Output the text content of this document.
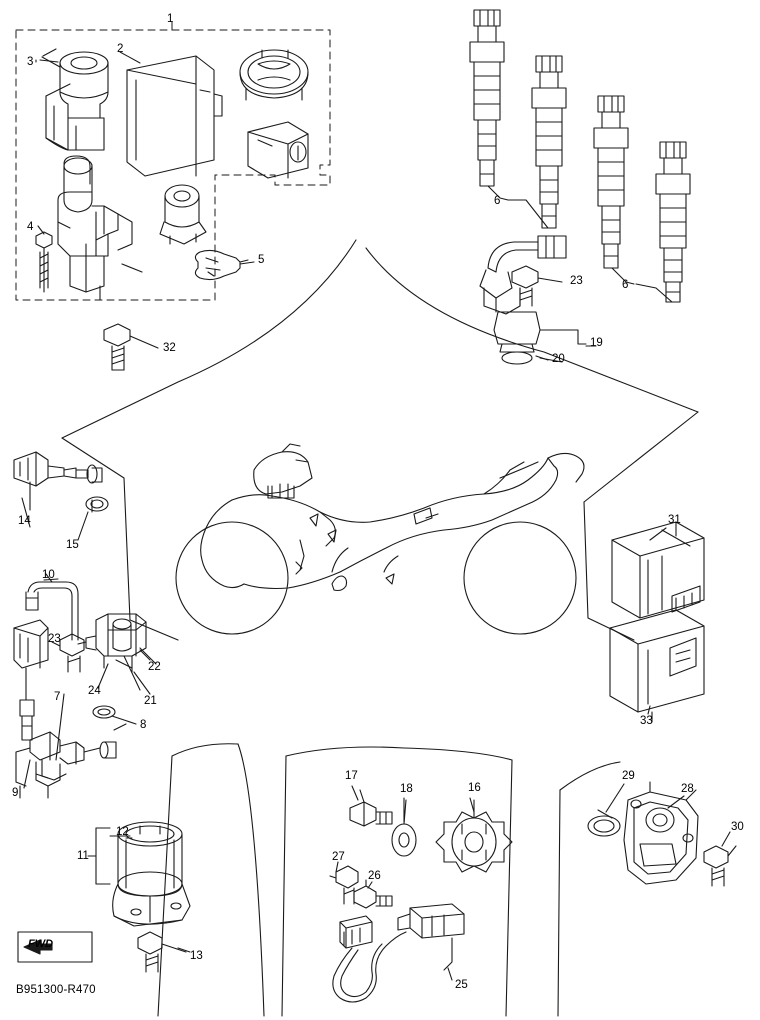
1
2
3
4
5
6
6
23
19
20
32
14
15
10
23
24
21
22
7
8
9
31
33
29
28
30
17
18	16
27
26
25
12
11
13
FWD
B951300-R470
